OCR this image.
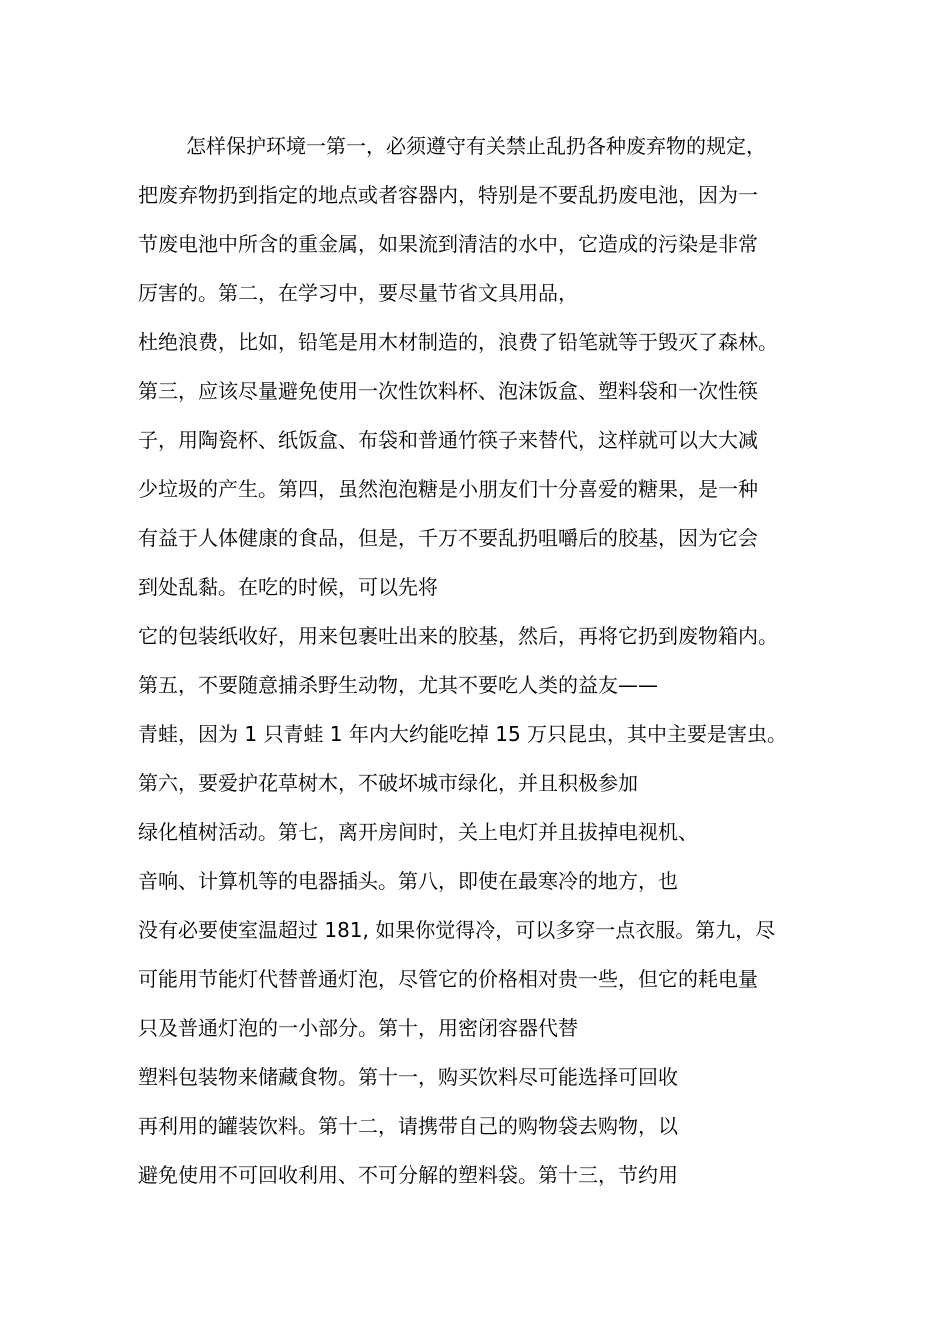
怎样保护环境一第一，必须遵守有关禁止乱扔各种废弃物的规定，
把废弃物扔到指定的地点或者容器内，特别是不要乱扔废电池，因为一
节废电池中所含的重金属，如果流到清洁的水中，它造成的污染是非常
厉害的。第二，在学习中，要尽量节省文具用品，
杜绝浪费，比如，铅笔是用木材制造的，浪费了铅笔就等于毁灭了森林。
第三，应该尽量避免使用一次性饮料杯、泡沫饭盒、塑料袋和一次性筷
子，用陶瓷杯、纸饭盒、布袋和普通竹筷子来替代，这样就可以大大减
少垃圾的产生。第四，虽然泡泡糖是小朋友们十分喜爱的糖果，是一种
有益于人体健康的食品，但是，千万不要乱扔咀嚼后的胶基，因为它会
到处乱黏。在吃的时候，可以先将
它的包装纸收好，用来包裹吐出来的胶基，然后，再将它扔到废物箱内。
第五，不要随意捕杀野生动物，尤其不要吃人类的益友——
青蛙，因为 1 只青蛙 1 年内大约能吃掉 15 万只昆虫，其中主要是害虫。
第六，要爱护花草树木，不破坏城市绿化，并且积极参加
绿化植树活动。第七，离开房间时，关上电灯并且拔掉电视机、
音响、计算机等的电器插头。第八，即使在最寒冷的地方，也
没有必要使室温超过 181, 如果你觉得冷，可以多穿一点衣服。第九，尽
可能用节能灯代替普通灯泡，尽管它的价格相对贵一些，但它的耗电量
只及普通灯泡的一小部分。第十，用密闭容器代替
塑料包装物来储藏食物。第十一，购买饮料尽可能选择可回收
再利用的罐装饮料。第十二，请携带自己的购物袋去购物，以
避免使用不可回收利用、不可分解的塑料袋。第十三，节约用
